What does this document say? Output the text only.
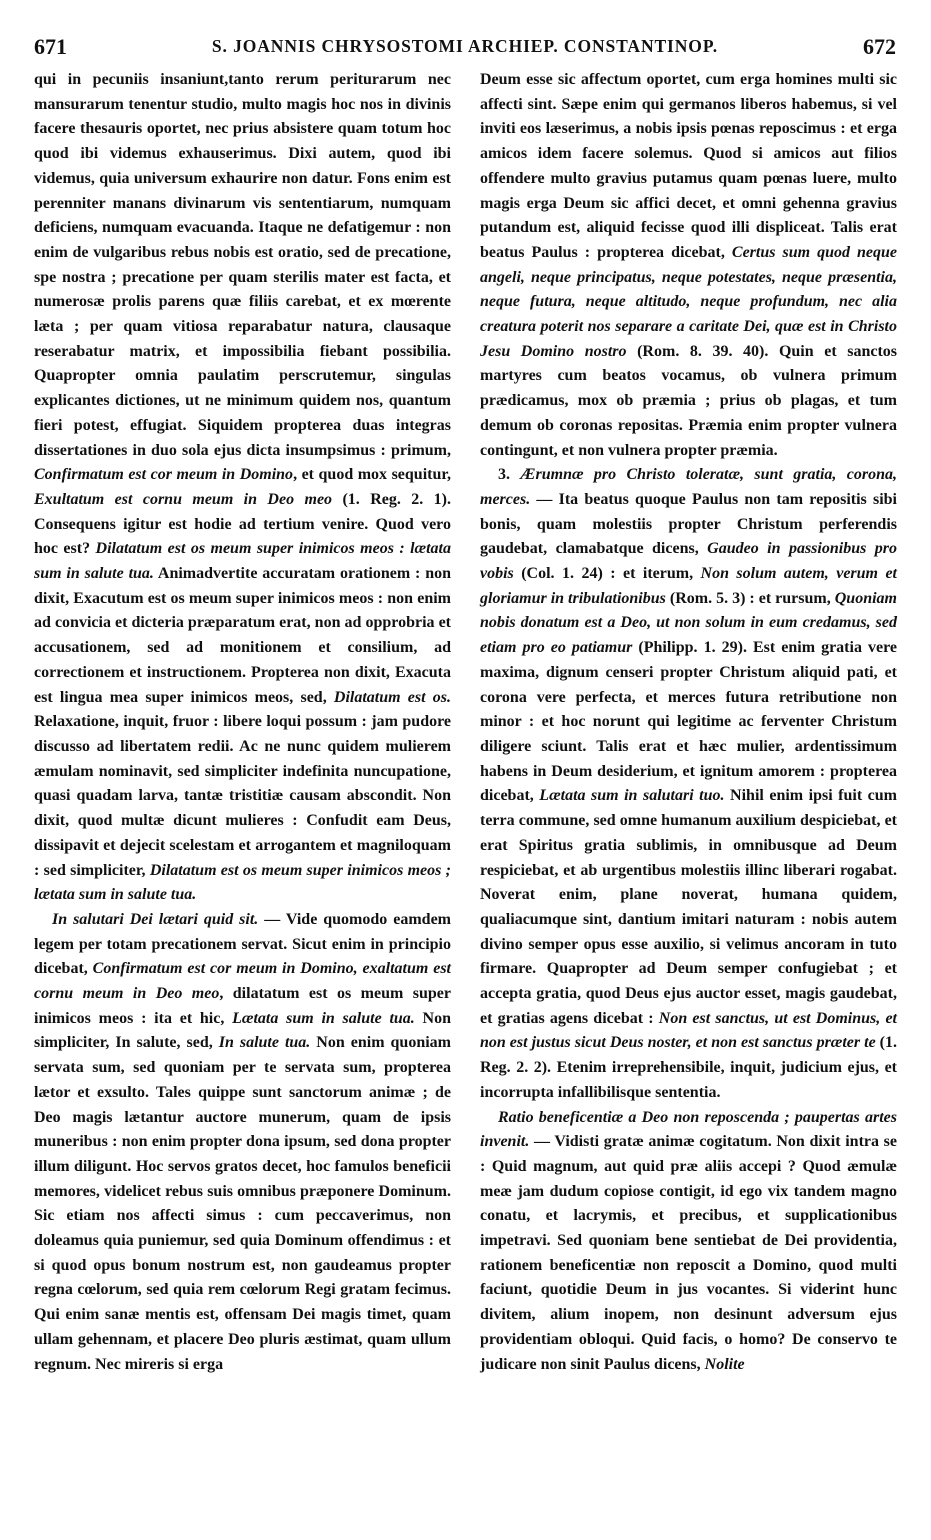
671	S. JOANNIS CHRYSOSTOMI ARCHIEP. CONSTANTINOP.	672

qui in pecuniis insaniunt,tanto rerum periturarum nec mansurarum tenentur studio, multo magis hoc nos in divinis facere thesauris oportet, nec prius absistere quam totum hoc quod ibi videmus exhauserimus. Dixi autem, quod ibi videmus, quia universum exhaurire non datur. Fons enim est perenniter manans divinarum vis sententiarum, numquam deficiens, numquam evacuanda. Itaque ne defatigemur : non enim de vulgaribus rebus nobis est oratio, sed de precatione, spe nostra ; precatione per quam sterilis mater est facta, et numerosæ prolis parens quæ filiis carebat, et ex mœrente læta ; per quam vitiosa reparabatur natura, clausaque reserabatur matrix, et impossibilia fiebant possibilia. Quapropter omnia paulatim perscrutemur, singulas explicantes dictiones, ut ne minimum quidem nos, quantum fieri potest, effugiat. Siquidem propterea duas integras dissertationes in duo sola ejus dicta insumpsimus : primum, Confirmatum est cor meum in Domino, et quod mox sequitur, Exultatum est cornu meum in Deo meo (1. Reg. 2. 1). Consequens igitur est hodie ad tertium venire. Quod vero hoc est? Dilatatum est os meum super inimicos meos : lætata sum in salute tua. Animadvertite accuratam orationem : non dixit, Exacutum est os meum super inimicos meos : non enim ad convicia et dicteria præparatum erat, non ad opprobria et accusationem, sed ad monitionem et consilium, ad correctionem et instructionem. Propterea non dixit, Exacuta est lingua mea super inimicos meos, sed, Dilatatum est os. Relaxatione, inquit, fruor : libere loqui possum : jam pudore discusso ad libertatem redii. Ac ne nunc quidem mulierem æmulam nominavit, sed simpliciter indefinita nuncupatione, quasi quadam larva, tantæ tristitiæ causam abscondit. Non dixit, quod multæ dicunt mulieres : Confudit eam Deus, dissipavit et dejecit scelestam et arrogantem et magniloquam : sed simpliciter, Dilatatum est os meum super inimicos meos ; lætata sum in salute tua.

In salutari Dei lætari quid sit. — Vide quomodo eamdem legem per totam precationem servat. Sicut enim in principio dicebat, Confirmatum est cor meum in Domino, exaltatum est cornu meum in Deo meo, dilatatum est os meum super inimicos meos : ita et hic, Lætata sum in salute tua. Non simpliciter, In salute, sed, In salute tua. Non enim quoniam servata sum, sed quoniam per te servata sum, propterea lætor et exsulto. Tales quippe sunt sanctorum animæ ; de Deo magis lætantur auctore munerum, quam de ipsis muneribus : non enim propter dona ipsum, sed dona propter illum diligunt. Hoc servos gratos decet, hoc famulos beneficii memores, videlicet rebus suis omnibus præponere Dominum. Sic etiam nos affecti simus : cum peccaverimus, non doleamus quia puniemur, sed quia Dominum offendimus : et si quod opus bonum nostrum est, non gaudeamus propter regna cœlorum, sed quia rem cœlorum Regi gratam fecimus. Qui enim sanæ mentis est, offensam Dei magis timet, quam ullam gehennam, et placere Deo pluris æstimat, quam ullum regnum. Nec mireris si erga

Deum esse sic affectum oportet, cum erga homines multi sic affecti sint. Sæpe enim qui germanos liberos habemus, si vel inviti eos læserimus, a nobis ipsis pœnas reposcimus : et erga amicos idem facere solemus. Quod si amicos aut filios offendere multo gravius putamus quam pœnas luere, multo magis erga Deum sic affici decet, et omni gehenna gravius putandum est, aliquid fecisse quod illi displiceat. Talis erat beatus Paulus : propterea dicebat, Certus sum quod neque angeli, neque principatus, neque potestates, neque præsentia, neque futura, neque altitudo, neque profundum, nec alia creatura poterit nos separare a caritate Dei, quæ est in Christo Jesu Domino nostro (Rom. 8. 39. 40). Quin et sanctos martyres cum beatos vocamus, ob vulnera primum prædicamus, mox ob præmia ; prius ob plagas, et tum demum ob coronas repositas. Præmia enim propter vulnera contingunt, et non vulnera propter præmia.

3. Ærumnæ pro Christo toleratæ, sunt gratia, corona, merces. — Ita beatus quoque Paulus non tam repositis sibi bonis, quam molestiis propter Christum perferendis gaudebat, clamabatque dicens, Gaudeo in passionibus pro vobis (Col. 1. 24) : et iterum, Non solum autem, verum et gloriamur in tribulationibus (Rom. 5. 3) : et rursum, Quoniam nobis donatum est a Deo, ut non solum in eum credamus, sed etiam pro eo patiamur (Philipp. 1. 29). Est enim gratia vere maxima, dignum censeri propter Christum aliquid pati, et corona vere perfecta, et merces futura retributione non minor : et hoc norunt qui legitime ac ferventer Christum diligere sciunt. Talis erat et hæc mulier, ardentissimum habens in Deum desiderium, et ignitum amorem : propterea dicebat, Lætata sum in salutari tuo. Nihil enim ipsi fuit cum terra commune, sed omne humanum auxilium despiciebat, et erat Spiritus gratia sublimis, in omnibusque ad Deum respiciebat, et ab urgentibus molestiis illinc liberari rogabat. Noverat enim, plane noverat, humana quidem, qualiacumque sint, dantium imitari naturam : nobis autem divino semper opus esse auxilio, si velimus ancoram in tuto firmare. Quapropter ad Deum semper confugiebat ; et accepta gratia, quod Deus ejus auctor esset, magis gaudebat, et gratias agens dicebat : Non est sanctus, ut est Dominus, et non est justus sicut Deus noster, et non est sanctus præter te (1. Reg. 2. 2). Etenim irreprehensibile, inquit, judicium ejus, et incorrupta infallibilisque sententia.

Ratio beneficentiæ a Deo non reposcenda ; paupertas artes invenit. — Vidisti gratæ animæ cogitatum. Non dixit intra se : Quid magnum, aut quid præ aliis accepi ? Quod æmulæ meæ jam dudum copiose contigit, id ego vix tandem magno conatu, et lacrymis, et precibus, et supplicationibus impetravi. Sed quoniam bene sentiebat de Dei providentia, rationem beneficentiæ non reposcit a Domino, quod multi faciunt, quotidie Deum in jus vocantes. Si viderint hunc divitem, alium inopem, non desinunt adversum ejus providentiam obloqui. Quid facis, o homo? De conservo te judicare non sinit Paulus dicens, Nolite
